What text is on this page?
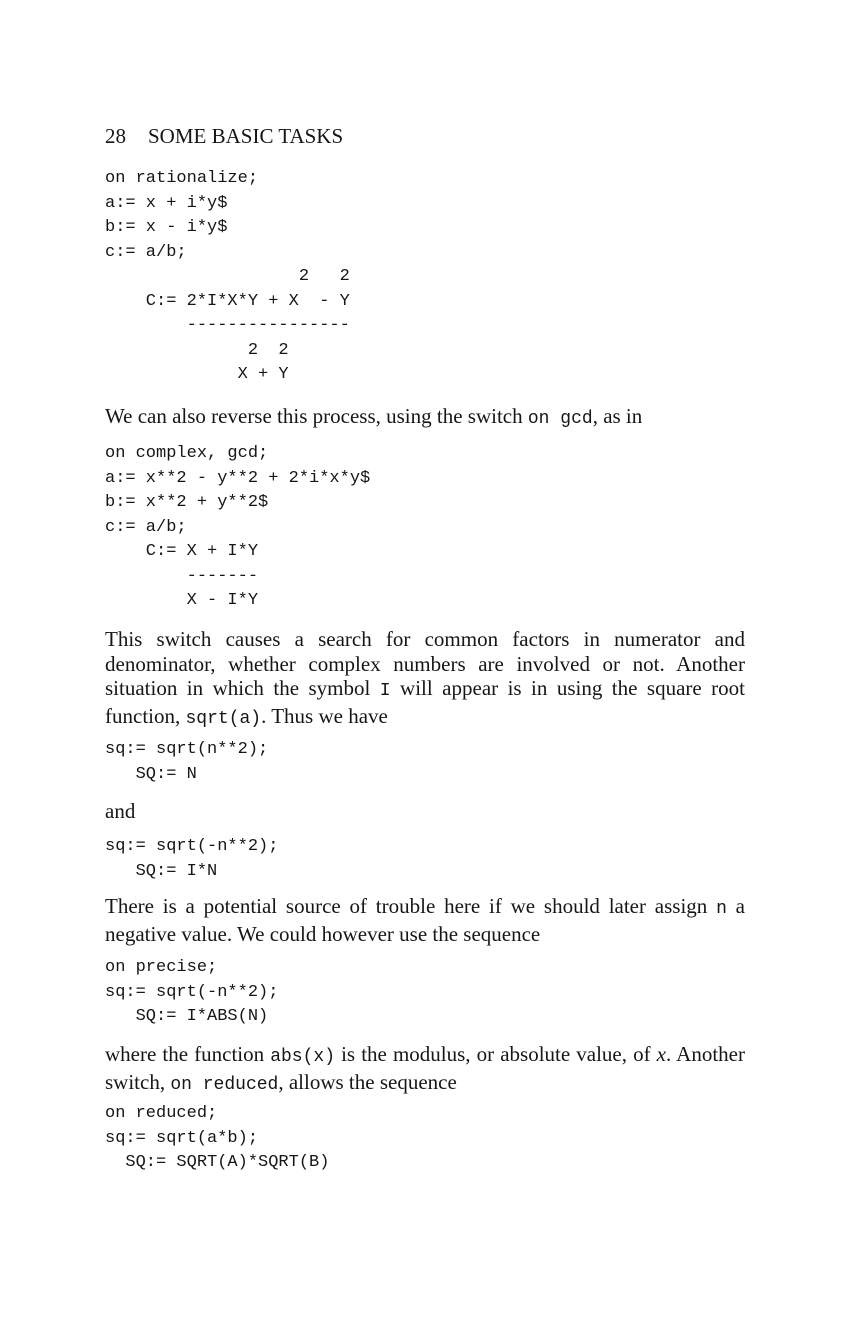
28 SOME BASIC TASKS
on rationalize;
a:= x + i*y$
b:= x - i*y$
c:= a/b;
2   2
C:= 2*I*X*Y + X  - Y
----------------
2  2
X + Y

We can also reverse this process, using the switch on gcd, as in

on complex, gcd;
a:= x**2 - y**2 + 2*i*x*y$
b:= x**2 + y**2$
c:= a/b;
C:= X + I*Y
-------
X - I*Y

This switch causes a search for common factors in numerator and denominator, whether complex numbers are involved or not. Another situation in which the symbol I will appear is in using the square root function, sqrt(a). Thus we have

sq:= sqrt(n**2);
SQ:= N

and

sq:= sqrt(-n**2);
SQ:= I*N

There is a potential source of trouble here if we should later assign n a negative value. We could however use the sequence

on precise;
sq:= sqrt(-n**2);
SQ:= I*ABS(N)

where the function abs(x) is the modulus, or absolute value, of x. Another switch, on reduced, allows the sequence

on reduced;
sq:= sqrt(a*b);
SQ:= SQRT(A)*SQRT(B)
